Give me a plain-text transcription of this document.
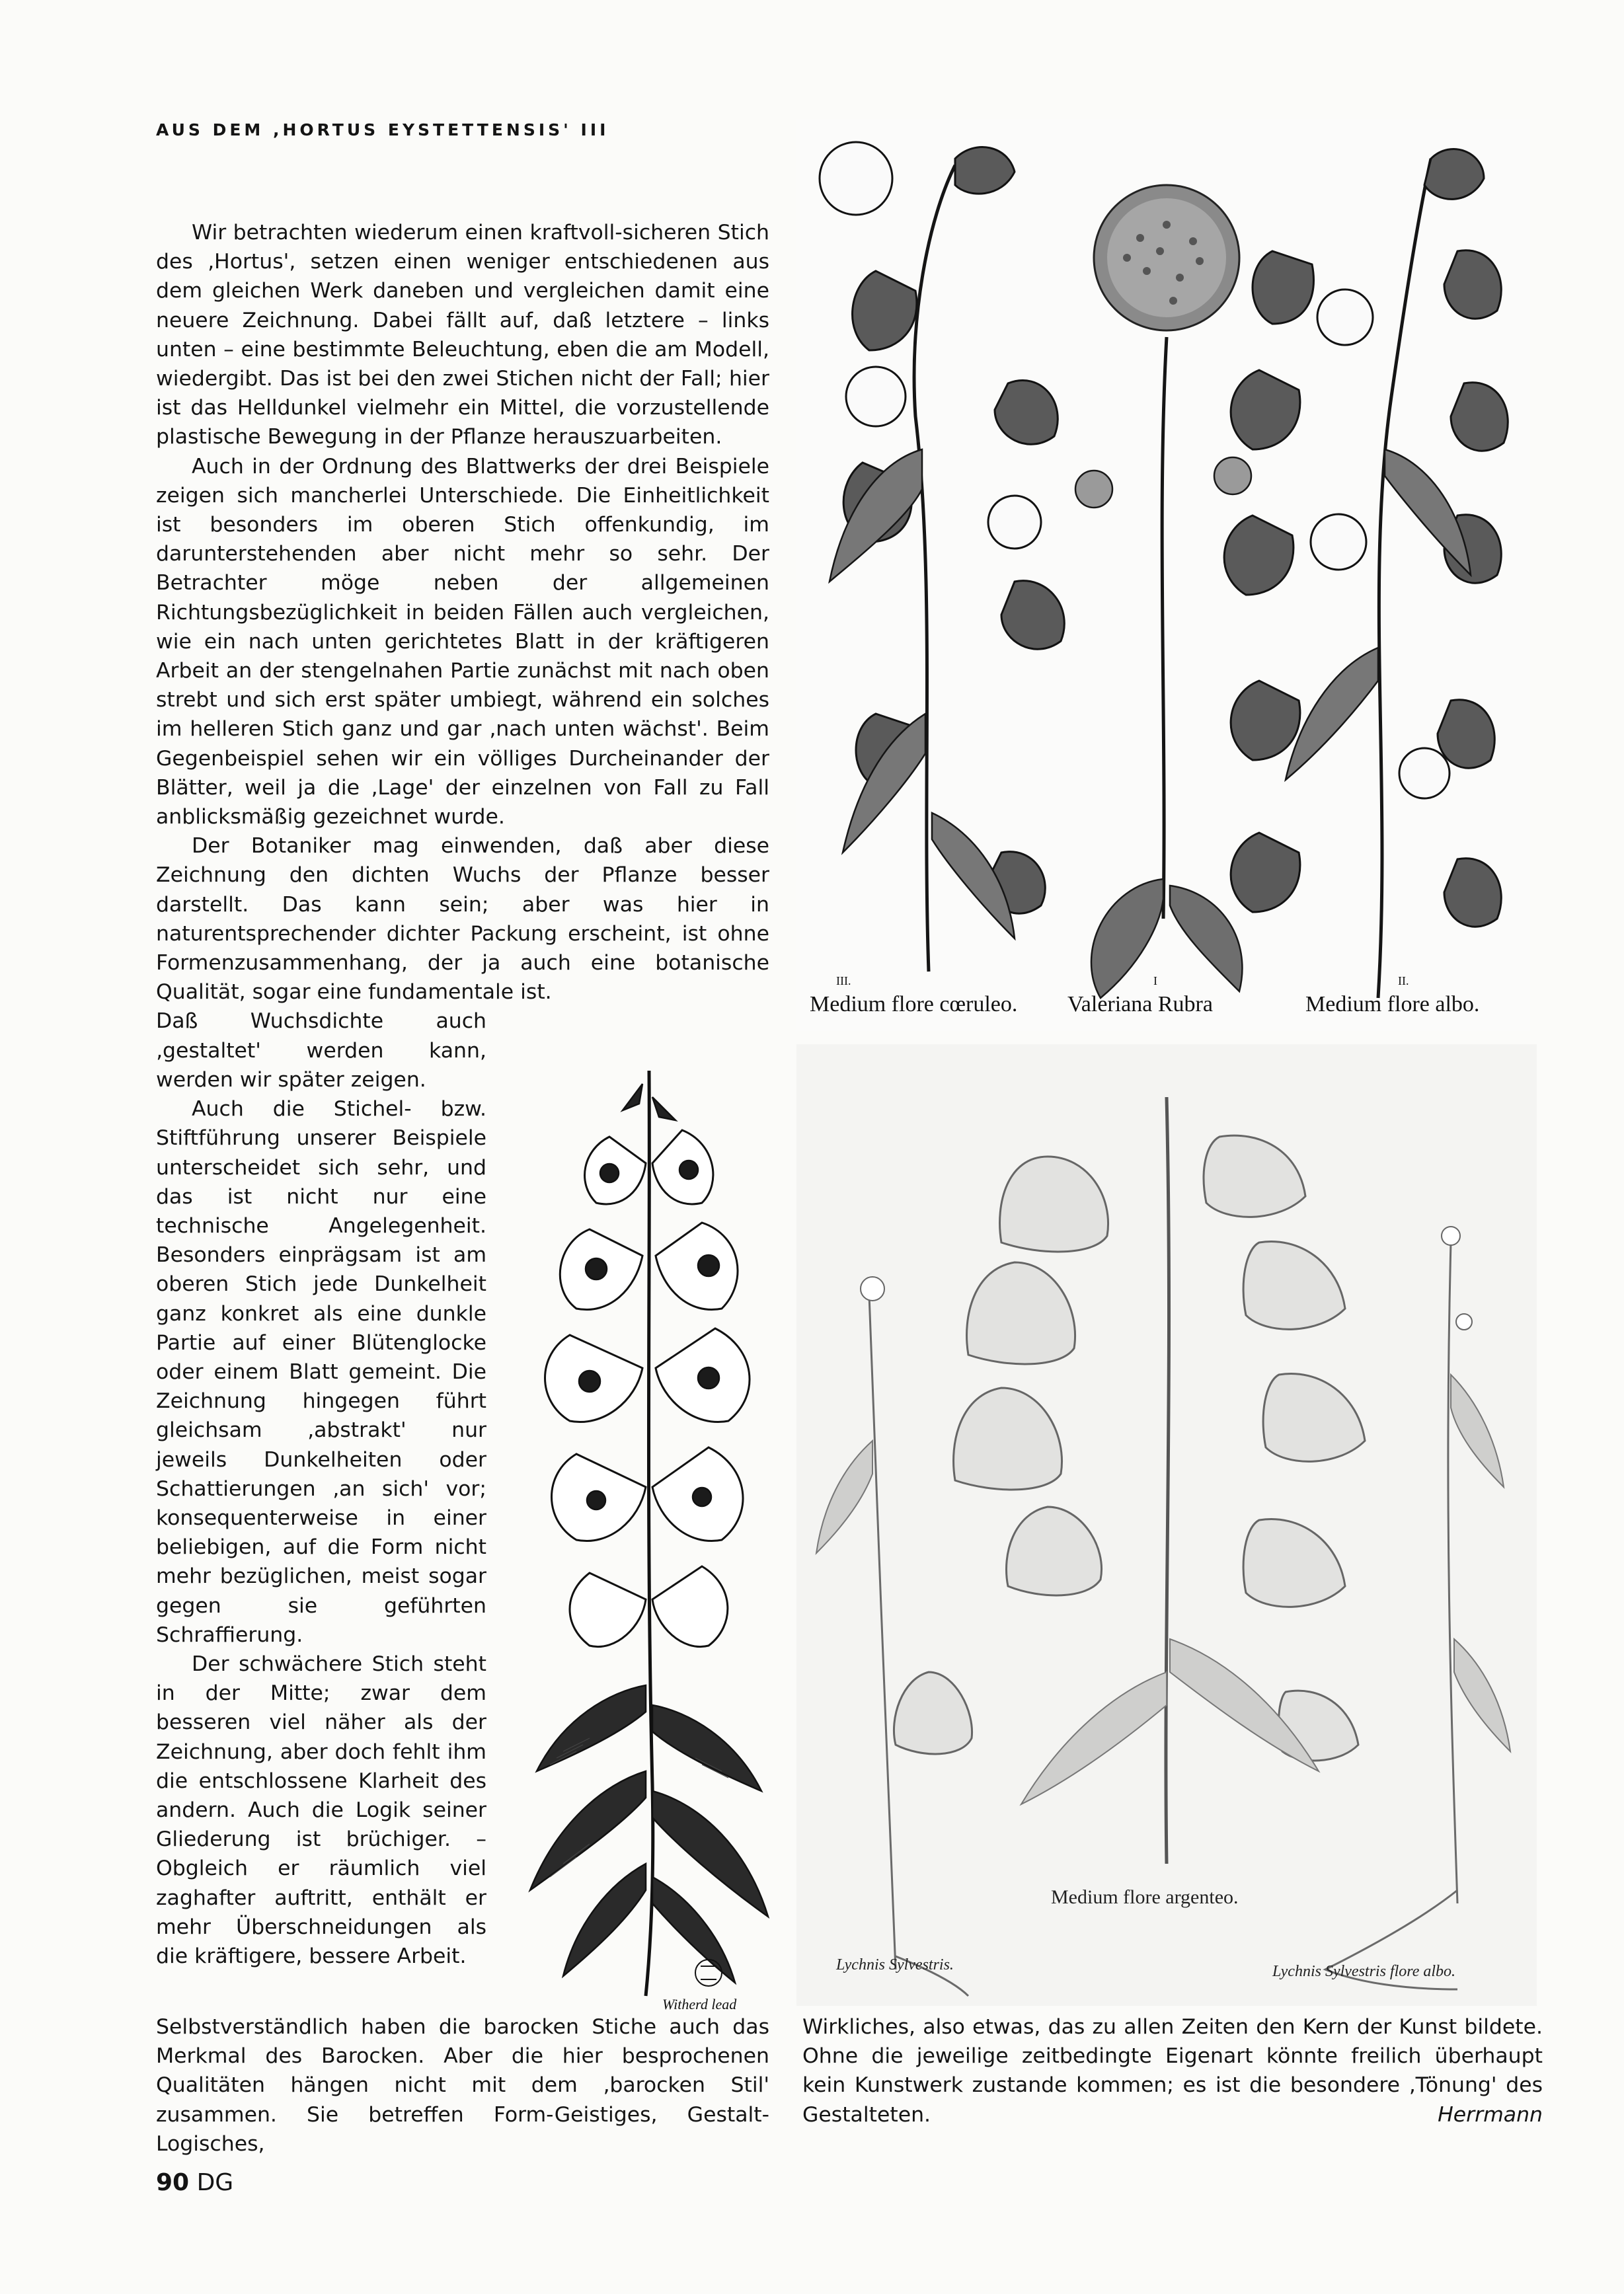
AUS DEM ,HORTUS EYSTETTENSIS' III

Wir betrachten wiederum einen kraftvoll-sicheren Stich des ‚Hortus', setzen einen weniger entschiedenen aus dem gleichen Werk daneben und vergleichen damit eine neuere Zeichnung. Dabei fällt auf, daß letztere – links unten – eine bestimmte Beleuchtung, eben die am Modell, wiedergibt. Das ist bei den zwei Stichen nicht der Fall; hier ist das Helldunkel vielmehr ein Mittel, die vorzustellende plastische Bewegung in der Pflanze herauszuarbeiten.

Auch in der Ordnung des Blattwerks der drei Beispiele zeigen sich mancherlei Unterschiede. Die Einheitlichkeit ist besonders im oberen Stich offenkundig, im darunterstehenden aber nicht mehr so sehr. Der Betrachter möge neben der allgemeinen Richtungsbezüglichkeit in beiden Fällen auch vergleichen, wie ein nach unten gerichtetes Blatt in der kräftigeren Arbeit an der stengelnahen Partie zunächst mit nach oben strebt und sich erst später umbiegt, während ein solches im helleren Stich ganz und gar ‚nach unten wächst'. Beim Gegenbeispiel sehen wir ein völliges Durcheinander der Blätter, weil ja die ‚Lage' der einzelnen von Fall zu Fall anblicksmäßig gezeichnet wurde.

Der Botaniker mag einwenden, daß aber diese Zeichnung den dichten Wuchs der Pflanze besser darstellt. Das kann sein; aber was hier in naturentsprechender dichter Packung erscheint, ist ohne Formenzusammenhang, der ja auch eine botanische Qualität, sogar eine fundamentale ist.

Daß Wuchsdichte auch ‚gestaltet' werden kann, werden wir später zeigen.

Auch die Stichel- bzw. Stiftführung unserer Beispiele unterscheidet sich sehr, und das ist nicht nur eine technische Angelegenheit. Besonders einprägsam ist am oberen Stich jede Dunkelheit ganz konkret als eine dunkle Partie auf einer Blütenglocke oder einem Blatt gemeint. Die Zeichnung hingegen führt gleichsam ‚abstrakt' nur jeweils Dunkelheiten oder Schattierungen ‚an sich' vor; konsequenterweise in einer beliebigen, auf die Form nicht mehr bezüglichen, meist sogar gegen sie geführten Schraffierung.

Der schwächere Stich steht in der Mitte; zwar dem besseren viel näher als der Zeichnung, aber doch fehlt ihm die entschlossene Klarheit des andern. Auch die Logik seiner Gliederung ist brüchiger. – Obgleich er räumlich viel zaghafter auftritt, enthält er mehr Überschneidungen als die kräftigere, bessere Arbeit.

Witherd lead
III.	I	II.
Medium flore cœruleo. Valeriana Rubra	Medium flore albo.
Medium flore argenteo.
Lychnis Sylvestris.	Lychnis Sylvestris flore albo.
Selbstverständlich haben die barocken Stiche auch das Merkmal des Barocken. Aber die hier besprochenen Qualitäten hängen nicht mit dem ‚barocken Stil' zusammen. Sie betreffen Form-Geistiges, Gestalt-Logisches,
Wirkliches, also etwas, das zu allen Zeiten den Kern der Kunst bildete. Ohne die jeweilige zeitbedingte Eigenart könnte freilich überhaupt kein Kunstwerk zustande kommen; es ist die besondere ‚Tönung' des Gestalteten.	Herrmann
90 DG
